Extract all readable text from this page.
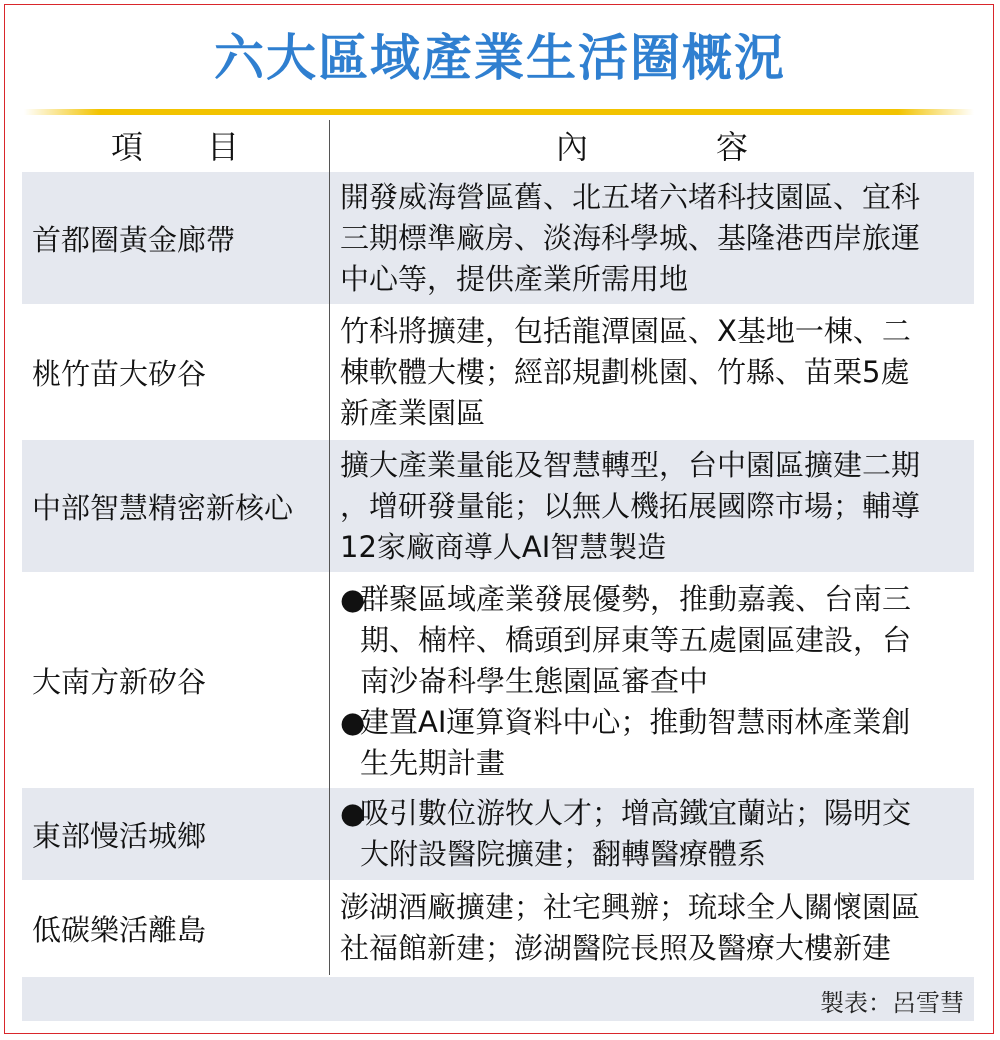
六大區域產業生活圈概況
項　　目	內　　　　容
首都圈黃金廊帶
開發威海營區舊、北五堵六堵科技園區、宜科
三期標準廠房、淡海科學城、基隆港西岸旅運
中心等，提供產業所需用地
桃竹苗大矽谷
竹科將擴建，包括龍潭園區、X基地一棟、二
棟軟體大樓；經部規劃桃園、竹縣、苗栗5處
新產業園區
中部智慧精密新核心
擴大產業量能及智慧轉型，台中園區擴建二期
，增研發量能；以無人機拓展國際市場；輔導
12家廠商導人AI智慧製造
大南方新矽谷
●
群聚區域產業發展優勢，推動嘉義、台南三
期、楠梓、橋頭到屏東等五處園區建設，台
南沙崙科學生態園區審查中
●
建置AI運算資料中心；推動智慧雨林產業創
生先期計畫
東部慢活城鄉
●
吸引數位游牧人才；增高鐵宜蘭站；陽明交
大附設醫院擴建；翻轉醫療體系
低碳樂活離島
澎湖酒廠擴建；社宅興辦；琉球全人關懷園區
社福館新建；澎湖醫院長照及醫療大樓新建
製表：呂雪彗
